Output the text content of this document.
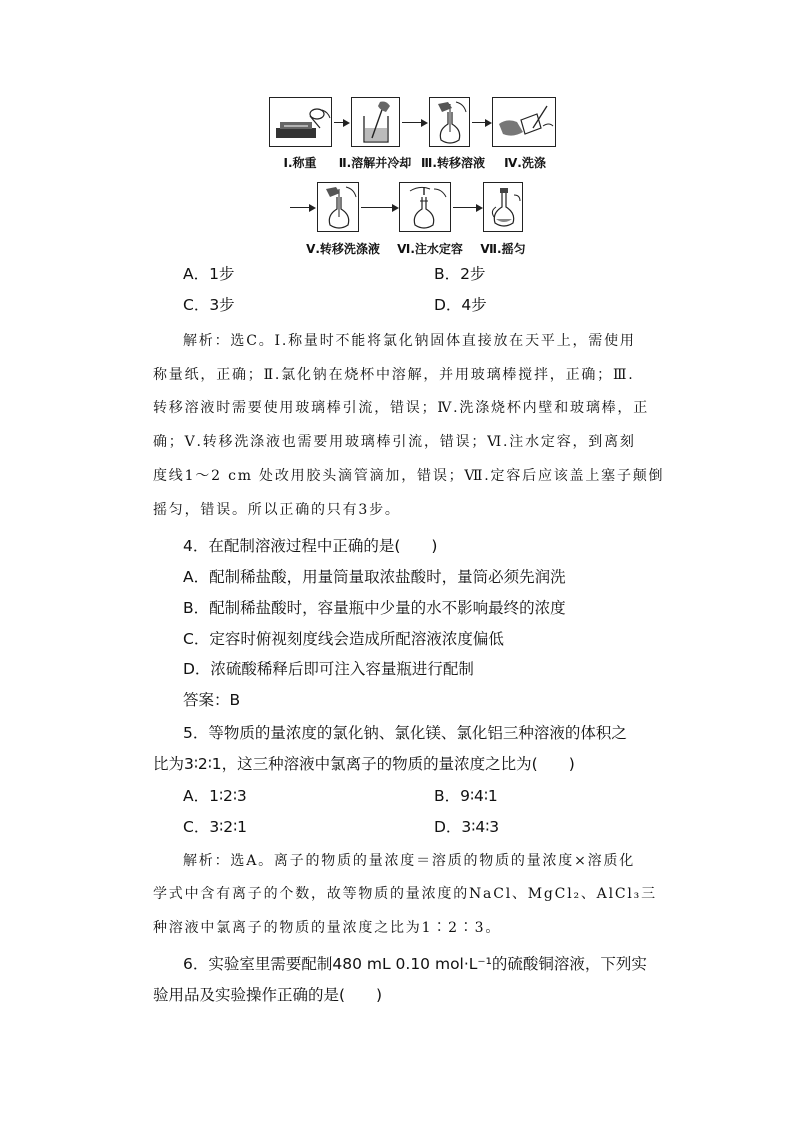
Ⅰ.称重 Ⅱ.溶解并冷却 Ⅲ.转移溶液 Ⅳ.洗涤
Ⅴ.转移洗涤液 Ⅵ.注水定容 Ⅶ.摇匀
A．1步	B．2步
C．3步	D．4步
解析：选C。Ⅰ.称量时不能将氯化钠固体直接放在天平上，需使用
称量纸，正确；Ⅱ.氯化钠在烧杯中溶解，并用玻璃棒搅拌，正确；Ⅲ.
转移溶液时需要使用玻璃棒引流，错误；Ⅳ.洗涤烧杯内壁和玻璃棒，正
确；Ⅴ.转移洗涤液也需要用玻璃棒引流，错误；Ⅵ.注水定容，到离刻
度线1～2 cm 处改用胶头滴管滴加，错误；Ⅶ.定容后应该盖上塞子颠倒
摇匀，错误。所以正确的只有3步。
4．在配制溶液过程中正确的是(　　)
A．配制稀盐酸，用量筒量取浓盐酸时，量筒必须先润洗
B．配制稀盐酸时，容量瓶中少量的水不影响最终的浓度
C．定容时俯视刻度线会造成所配溶液浓度偏低
D．浓硫酸稀释后即可注入容量瓶进行配制
答案：B
5．等物质的量浓度的氯化钠、氯化镁、氯化铝三种溶液的体积之
比为3∶2∶1，这三种溶液中氯离子的物质的量浓度之比为(　　)
A．1∶2∶3	B．9∶4∶1
C．3∶2∶1	D．3∶4∶3
解析：选A。离子的物质的量浓度＝溶质的物质的量浓度×溶质化
学式中含有离子的个数，故等物质的量浓度的NaCl、MgCl₂、AlCl₃三
种溶液中氯离子的物质的量浓度之比为1∶2∶3。
6．实验室里需要配制480 mL 0.10 mol·L⁻¹的硫酸铜溶液，下列实
验用品及实验操作正确的是(　　)
